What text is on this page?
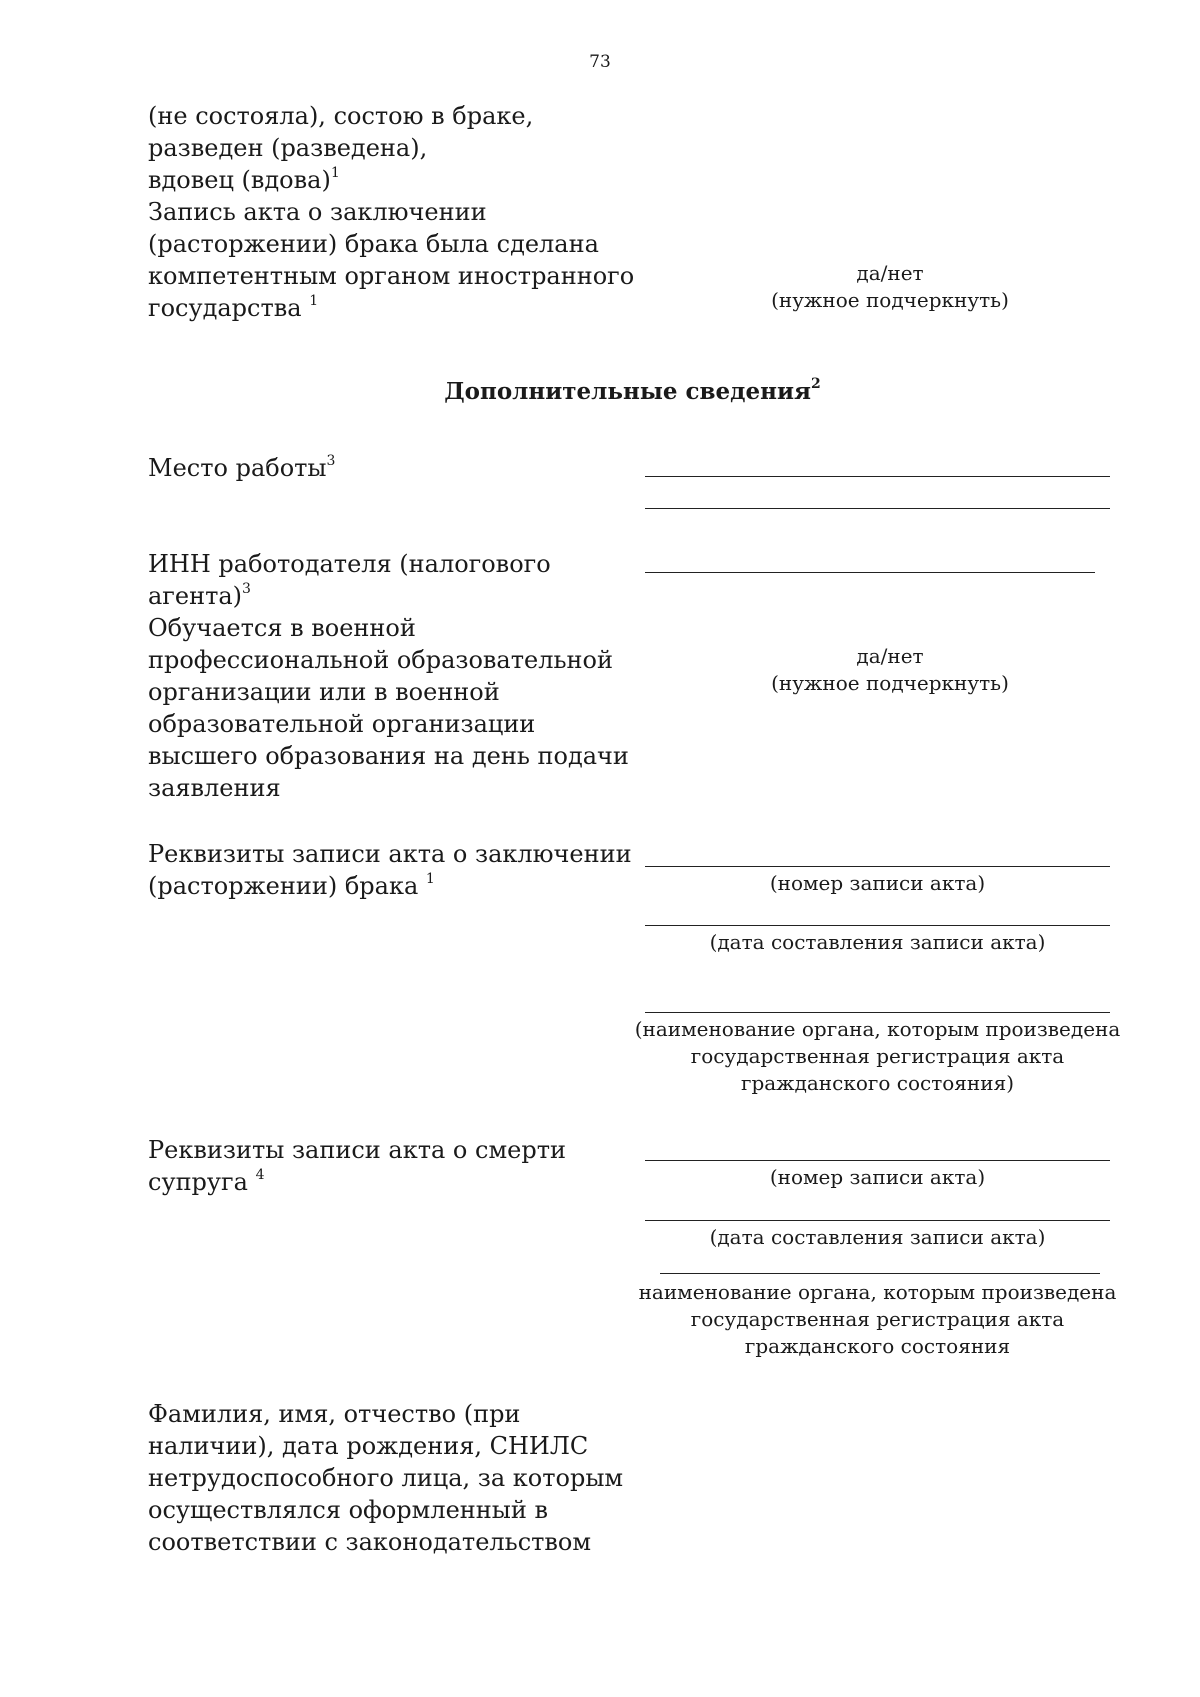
73
(не состояла), состою в браке,
разведен (разведена),
вдовец (вдова)$^1$
Запись акта о заключении
(расторжении) брака была сделана
компетентным органом иностранного
государства $^1$
да/нет
(нужное подчеркнуть)
Дополнительные сведения$^2$
Место работы$^3$
ИНН работодателя (налогового
агента)$^3$
Обучается в военной
профессиональной образовательной
организации или в военной
образовательной организации
высшего образования на день подачи
заявления
да/нет
(нужное подчеркнуть)
Реквизиты записи акта о заключении
(расторжении) брака $^1$	(номер записи акта)
(дата составления записи акта)
(наименование органа, которым произведена
государственная регистрация акта
гражданского состояния)
Реквизиты записи акта о смерти
супруга $^4$	(номер записи акта)
(дата составления записи акта)
наименование органа, которым произведена
государственная регистрация акта
гражданского состояния
Фамилия, имя, отчество (при
наличии), дата рождения, СНИЛС
нетрудоспособного лица, за которым
осуществлялся оформленный в
соответствии с законодательством
